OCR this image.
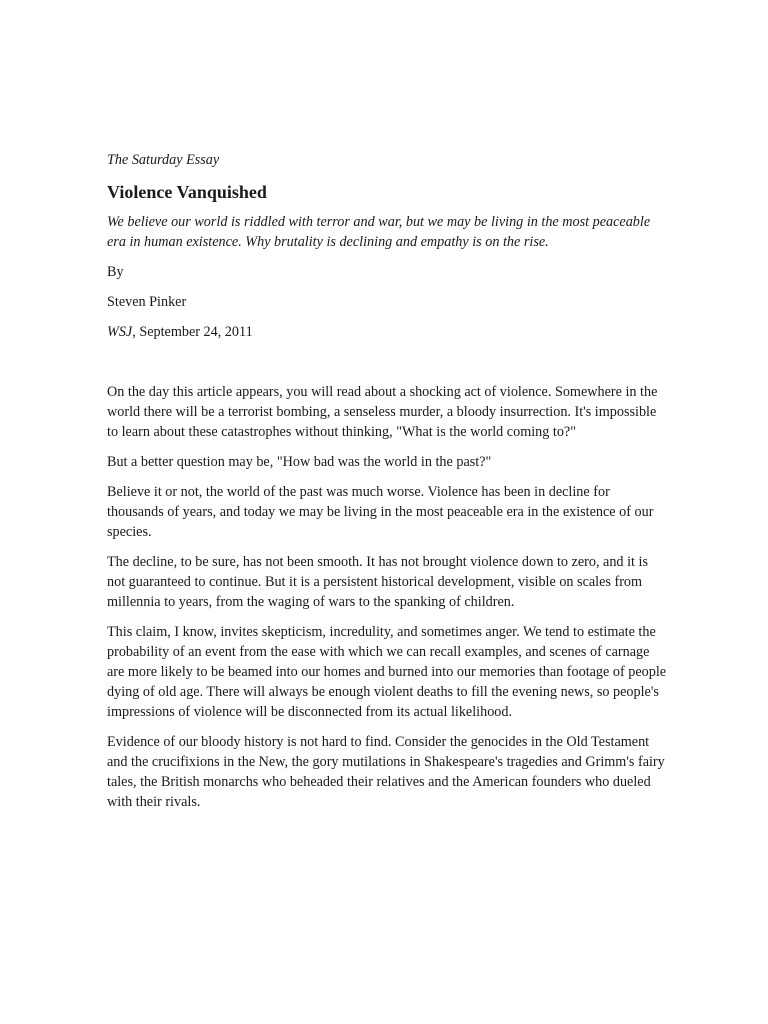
The Saturday Essay

Violence Vanquished

We believe our world is riddled with terror and war, but we may be living in the most peaceable era in human existence. Why brutality is declining and empathy is on the rise.

By

Steven Pinker

WSJ, September 24, 2011

On the day this article appears, you will read about a shocking act of violence. Somewhere in the world there will be a terrorist bombing, a senseless murder, a bloody insurrection. It's impossible to learn about these catastrophes without thinking, "What is the world coming to?"

But a better question may be, "How bad was the world in the past?"

Believe it or not, the world of the past was much worse. Violence has been in decline for thousands of years, and today we may be living in the most peaceable era in the existence of our species.

The decline, to be sure, has not been smooth. It has not brought violence down to zero, and it is not guaranteed to continue. But it is a persistent historical development, visible on scales from millennia to years, from the waging of wars to the spanking of children.

This claim, I know, invites skepticism, incredulity, and sometimes anger. We tend to estimate the probability of an event from the ease with which we can recall examples, and scenes of carnage are more likely to be beamed into our homes and burned into our memories than footage of people dying of old age. There will always be enough violent deaths to fill the evening news, so people's impressions of violence will be disconnected from its actual likelihood.

Evidence of our bloody history is not hard to find. Consider the genocides in the Old Testament and the crucifixions in the New, the gory mutilations in Shakespeare's tragedies and Grimm's fairy tales, the British monarchs who beheaded their relatives and the American founders who dueled with their rivals.
